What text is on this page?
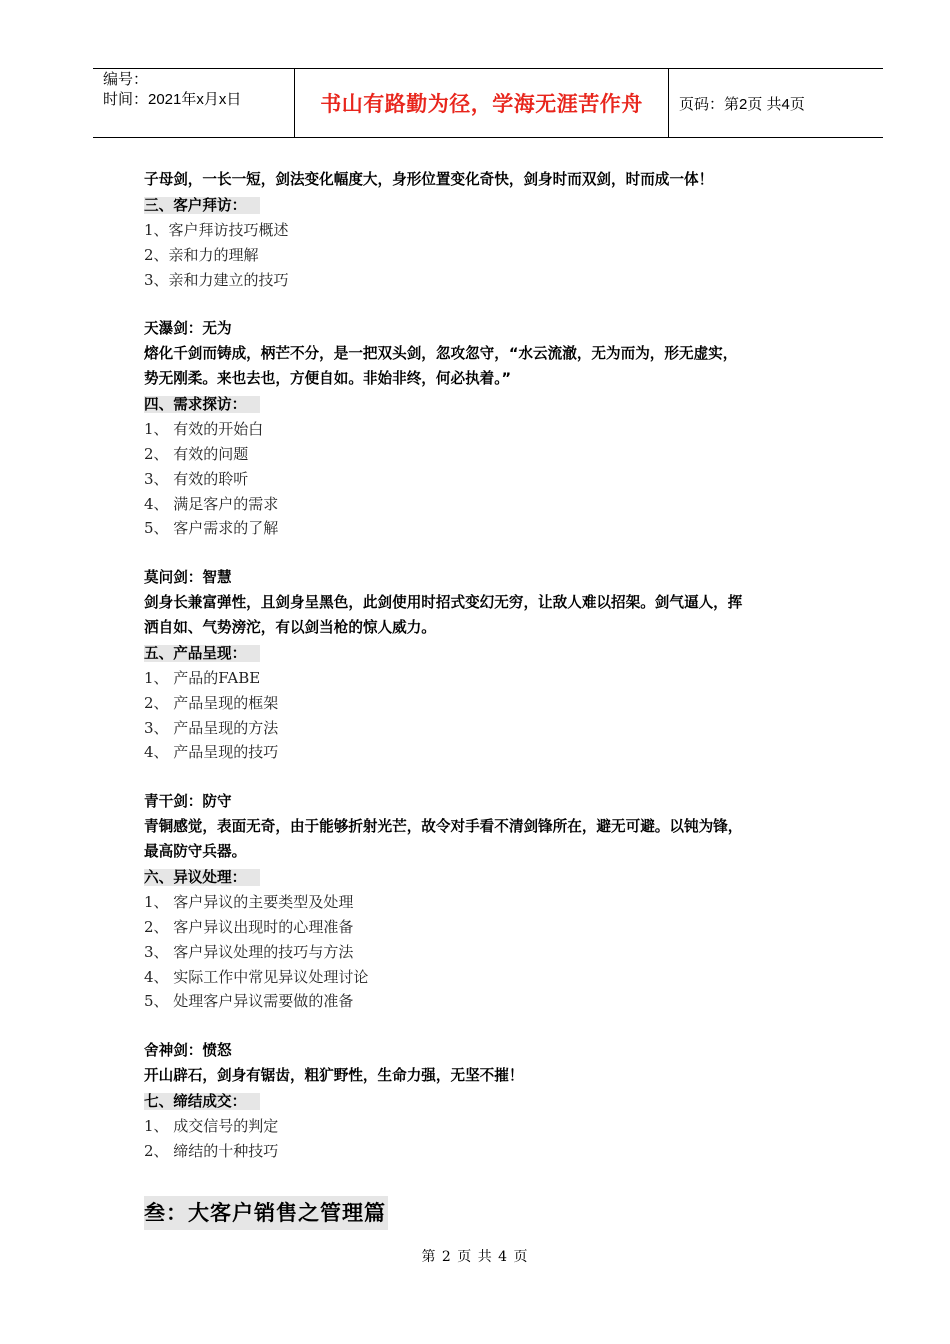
编号：
时间：2021年x月x日	书山有路勤为径，学海无涯苦作舟 页码：第2页 共4页
子母剑，一长一短，剑法变化幅度大，身形位置变化奇快，剑身时而双剑，时而成一体！
三、客户拜访：
1、客户拜访技巧概述
2、亲和力的理解
3、亲和力建立的技巧
天瀑剑：无为
熔化千剑而铸成，柄芒不分，是一把双头剑，忽攻忽守，“水云流澈，无为而为，形无虚实，
势无刚柔。来也去也，方便自如。非始非终，何必执着。”
四、需求探访：
1、 有效的开始白
2、 有效的问题
3、 有效的聆听
4、 满足客户的需求
5、 客户需求的了解
莫问剑：智慧
剑身长兼富弹性，且剑身呈黑色，此剑使用时招式变幻无穷，让敌人难以招架。剑气逼人，挥
洒自如、气势滂沱，有以剑当枪的惊人威力。
五、产品呈现：
1、 产品的FABE
2、 产品呈现的框架
3、 产品呈现的方法
4、 产品呈现的技巧
青干剑：防守
青铜感觉，表面无奇，由于能够折射光芒，故令对手看不清剑锋所在，避无可避。以钝为锋，
最高防守兵器。
六、异议处理：
1、 客户异议的主要类型及处理
2、 客户异议出现时的心理准备
3、 客户异议处理的技巧与方法
4、 实际工作中常见异议处理讨论
5、 处理客户异议需要做的准备
舍神剑：愤怒
开山辟石，剑身有锯齿，粗犷野性，生命力强，无坚不摧！
七、缔结成交：
1、 成交信号的判定
2、 缔结的十种技巧
叁：大客户销售之管理篇
第 2 页 共 4 页
